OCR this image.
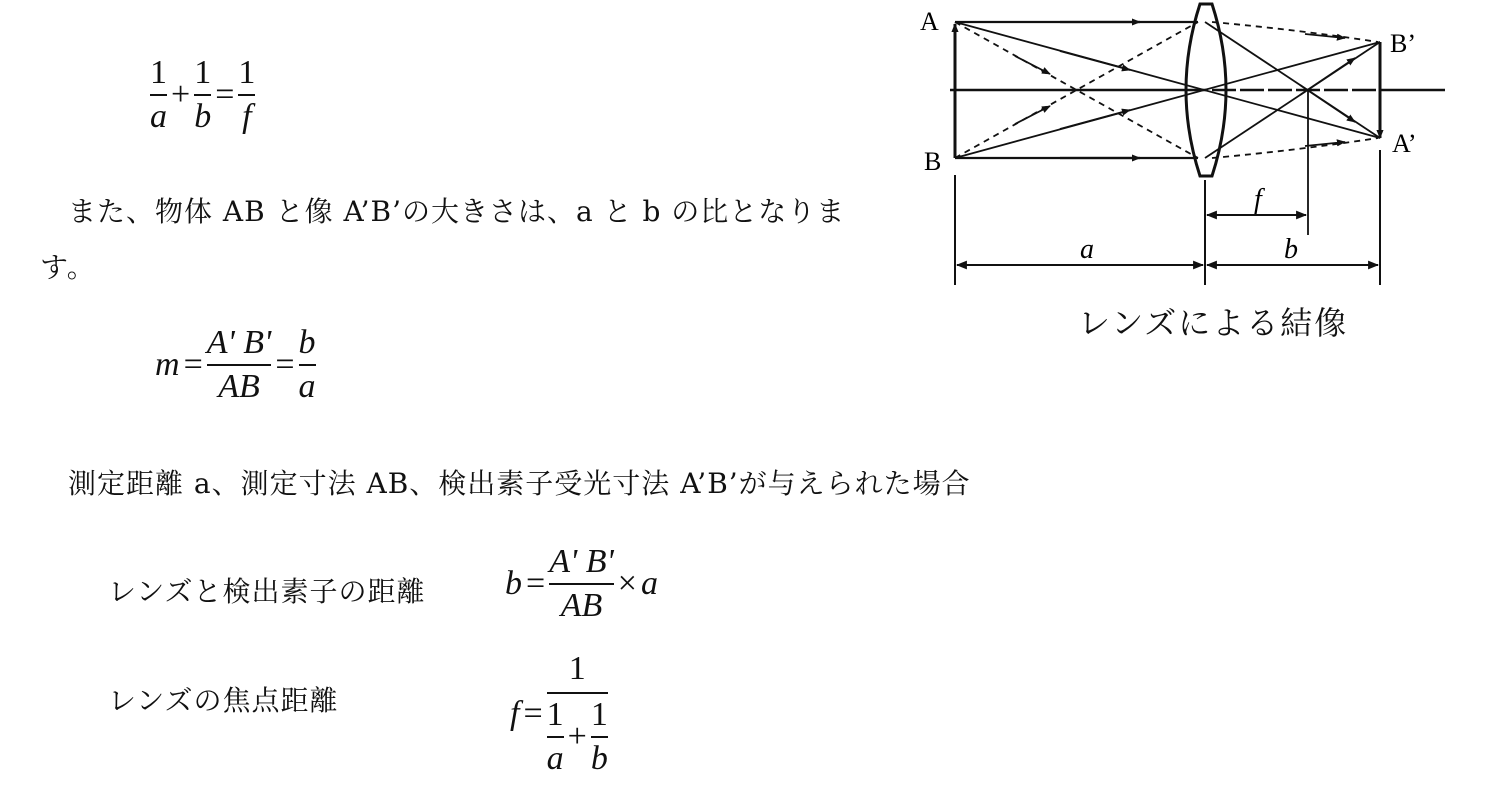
$\frac{1}{a} + \frac{1}{b} = \frac{1}{f}$
また、物体 AB と像 A’B’の大きさは、a と b の比となりま
す。
$m = \frac{A' B'}{AB} = \frac{b}{a}$
測定距離 a、測定寸法 AB、検出素子受光寸法 A’B’が与えられた場合
レンズと検出素子の距離 $b = \frac{A' B'}{AB} \times a$
レンズの焦点距離	f =
1
$\frac{1}{a} + \frac{1}{b}$
A
B
B’
A’
f
a	b
レンズによる結像
